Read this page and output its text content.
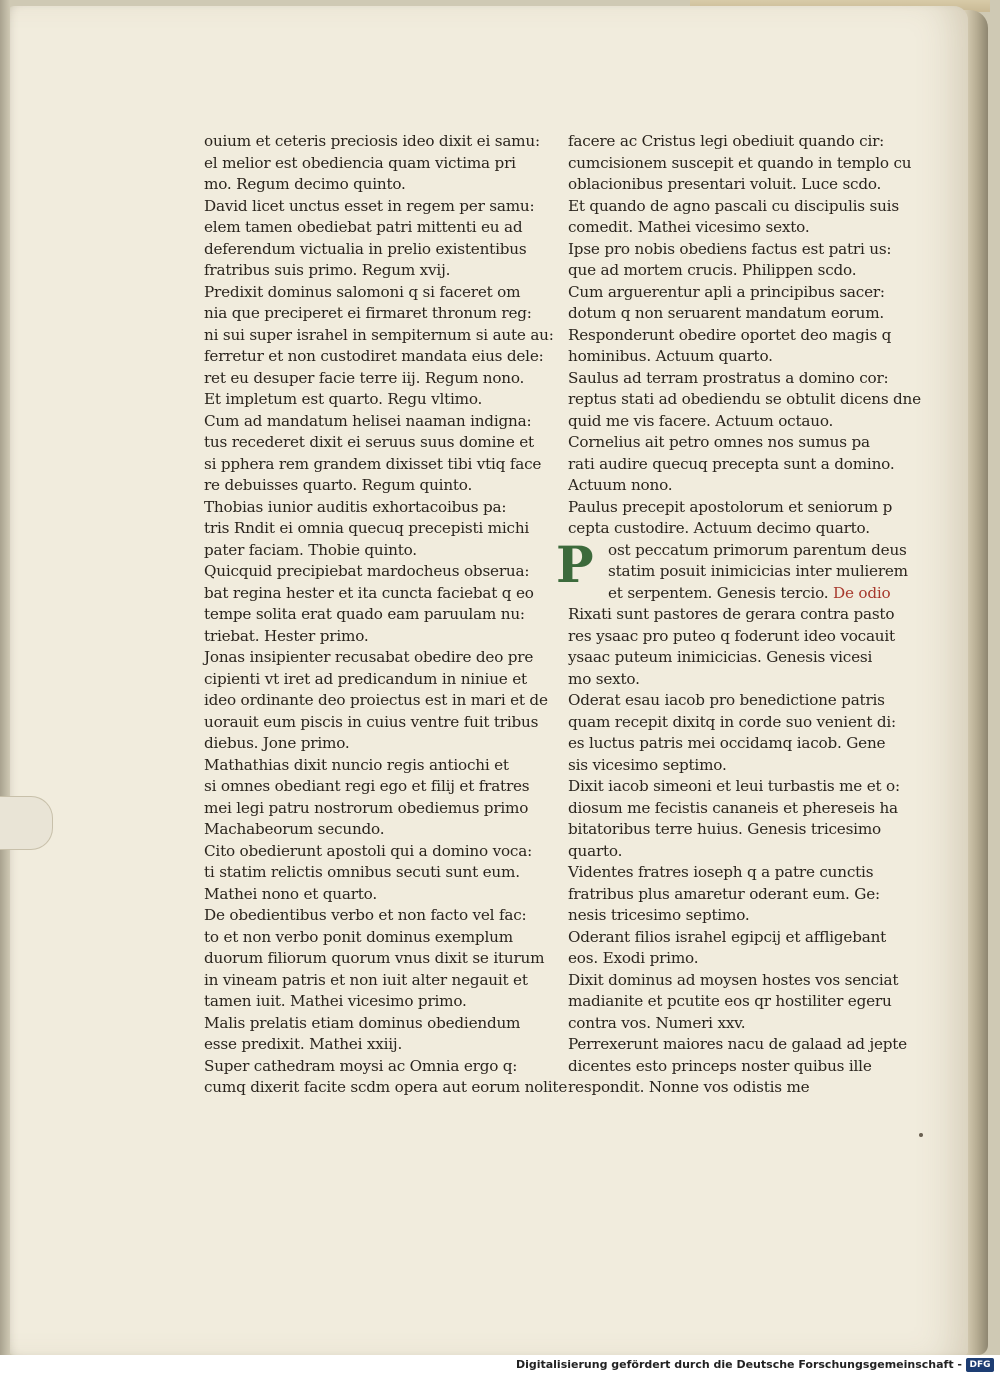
ouium et ceteris preciosis ideo dixit ei samu:
el melior est obediencia quam victima pri
mo. Regum decimo quinto.
David licet unctus esset in regem per samu:
elem tamen obediebat patri mittenti eu ad
deferendum victualia in prelio existentibus
fratribus suis primo. Regum xvij.
Predixit dominus salomoni q si faceret om
nia que preciperet ei firmaret thronum reg:
ni sui super israhel in sempiternum si aute au:
ferretur et non custodiret mandata eius dele:
ret eu desuper facie terre iij. Regum nono.
Et impletum est quarto. Regu vltimo.
Cum ad mandatum helisei naaman indigna:
tus recederet dixit ei seruus suus domine et
si pphera rem grandem dixisset tibi vtiq face
re debuisses quarto. Regum quinto.
Thobias iunior auditis exhortacoibus pa:
tris Rndit ei omnia quecuq precepisti michi
pater faciam. Thobie quinto.
Quicquid precipiebat mardocheus obserua:
bat regina hester et ita cuncta faciebat q eo
tempe solita erat quado eam paruulam nu:
triebat. Hester primo.
Jonas insipienter recusabat obedire deo pre
cipienti vt iret ad predicandum in niniue et
ideo ordinante deo proiectus est in mari et de
uorauit eum piscis in cuius ventre fuit tribus
diebus. Jone primo.
Mathathias dixit nuncio regis antiochi et
si omnes obediant regi ego et filij et fratres
mei legi patru nostrorum obediemus primo
Machabeorum secundo.
Cito obedierunt apostoli qui a domino voca:
ti statim relictis omnibus secuti sunt eum.
Mathei nono et quarto.
De obedientibus verbo et non facto vel fac:
to et non verbo ponit dominus exemplum
duorum filiorum quorum vnus dixit se iturum
in vineam patris et non iuit alter negauit et
tamen iuit. Mathei vicesimo primo.
Malis prelatis etiam dominus obediendum
esse predixit. Mathei xxiij.
Super cathedram moysi ac Omnia ergo q:
cumq dixerit facite scdm opera aut eorum nolite
facere ac Cristus legi obediuit quando cir:
cumcisionem suscepit et quando in templo cu
oblacionibus presentari voluit. Luce scdo.
Et quando de agno pascali cu discipulis suis
comedit. Mathei vicesimo sexto.
Ipse pro nobis obediens factus est patri us:
que ad mortem crucis. Philippen scdo.
Cum arguerentur apli a principibus sacer:
dotum q non seruarent mandatum eorum.
Responderunt obedire oportet deo magis q
hominibus. Actuum quarto.
Saulus ad terram prostratus a domino cor:
reptus stati ad obediendu se obtulit dicens dne
quid me vis facere. Actuum octauo.
Cornelius ait petro omnes nos sumus pa
rati audire quecuq precepta sunt a domino.
Actuum nono.
Paulus precepit apostolorum et seniorum p
cepta custodire. Actuum decimo quarto.
ost peccatum primorum parentum deus
P statim posuit inimicicias inter mulierem
et serpentem. Genesis tercio. De odio
Rixati sunt pastores de gerara contra pasto
res ysaac pro puteo q foderunt ideo vocauit
ysaac puteum inimicicias. Genesis vicesi
mo sexto.
Oderat esau iacob pro benedictione patris
quam recepit dixitq in corde suo venient di:
es luctus patris mei occidamq iacob. Gene
sis vicesimo septimo.
Dixit iacob simeoni et leui turbastis me et o:
diosum me fecistis cananeis et phereseis ha
bitatoribus terre huius. Genesis tricesimo
quarto.
Videntes fratres ioseph q a patre cunctis
fratribus plus amaretur oderant eum. Ge:
nesis tricesimo septimo.
Oderant filios israhel egipcij et affligebant
eos. Exodi primo.
Dixit dominus ad moysen hostes vos senciat
madianite et pcutite eos qr hostiliter egeru
contra vos. Numeri xxv.
Perrexerunt maiores nacu de galaad ad jepte
dicentes esto princeps noster quibus ille
respondit. Nonne vos odistis me
Digitalisierung gefördert durch die Deutsche Forschungsgemeinschaft - DFG
